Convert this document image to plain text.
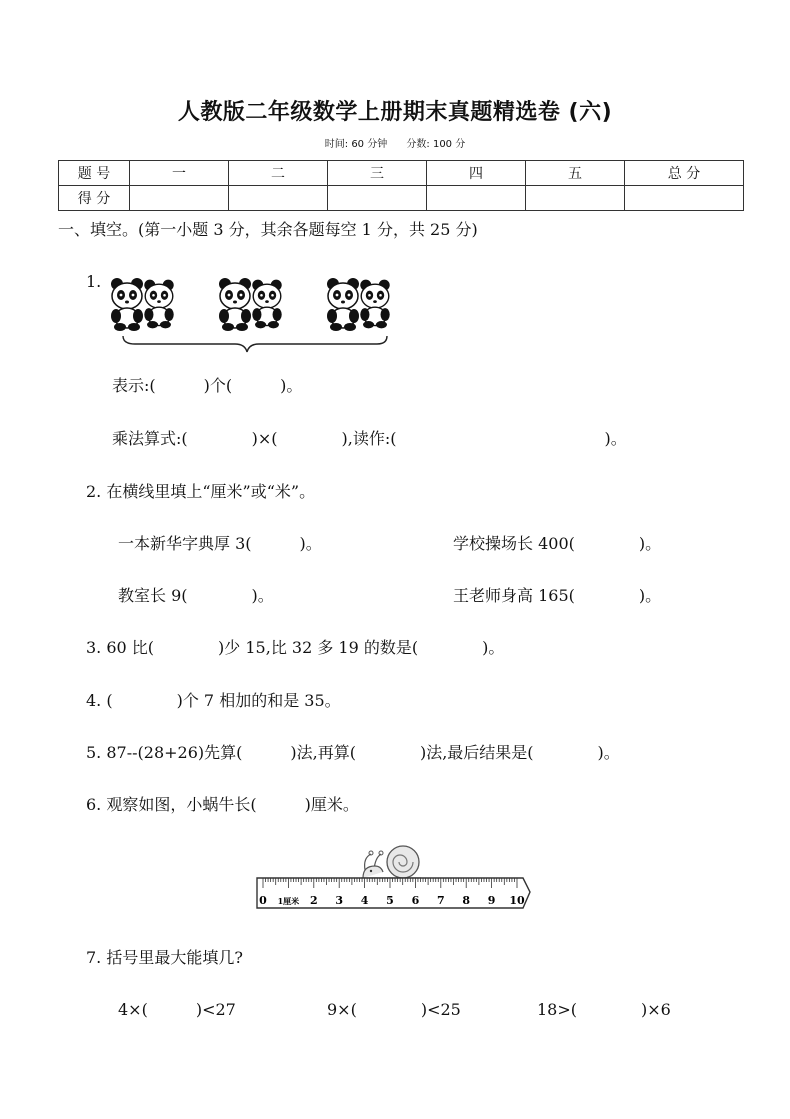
人教版二年级数学上册期末真题精选卷 (六)
时间: 60 分钟 分数: 100 分
题 号	一	二	三	四	五	总 分
得 分						
一、填空。(第一小题 3 分，其余各题每空 1 分，共 25 分)
1.
表示:(　　　)个(　　　)。
乘法算式:(　　　　)×(　　　　),读作:(　　　　　　　　　　　　　)。
2. 在横线里填上“厘米”或“米”。
一本新华字典厚 3(　　　)。	学校操场长 400(　　　　)。
教室长 9(　　　　)。	王老师身高 165(　　　　)。
3. 60 比(　　　　)少 15,比 32 多 19 的数是(　　　　)。
4. (　　　　)个 7 相加的和是 35。
5. 87--(28+26)先算(　　　)法,再算(　　　　)法,最后结果是(　　　　)。
6. 观察如图，小蜗牛长(　　　)厘米。
0 1厘米 2 3 4 5 6 7 8 9 10
7. 括号里最大能填几?
4×(　　　)<27	9×(　　　　)<25	18>(　　　　)×6
